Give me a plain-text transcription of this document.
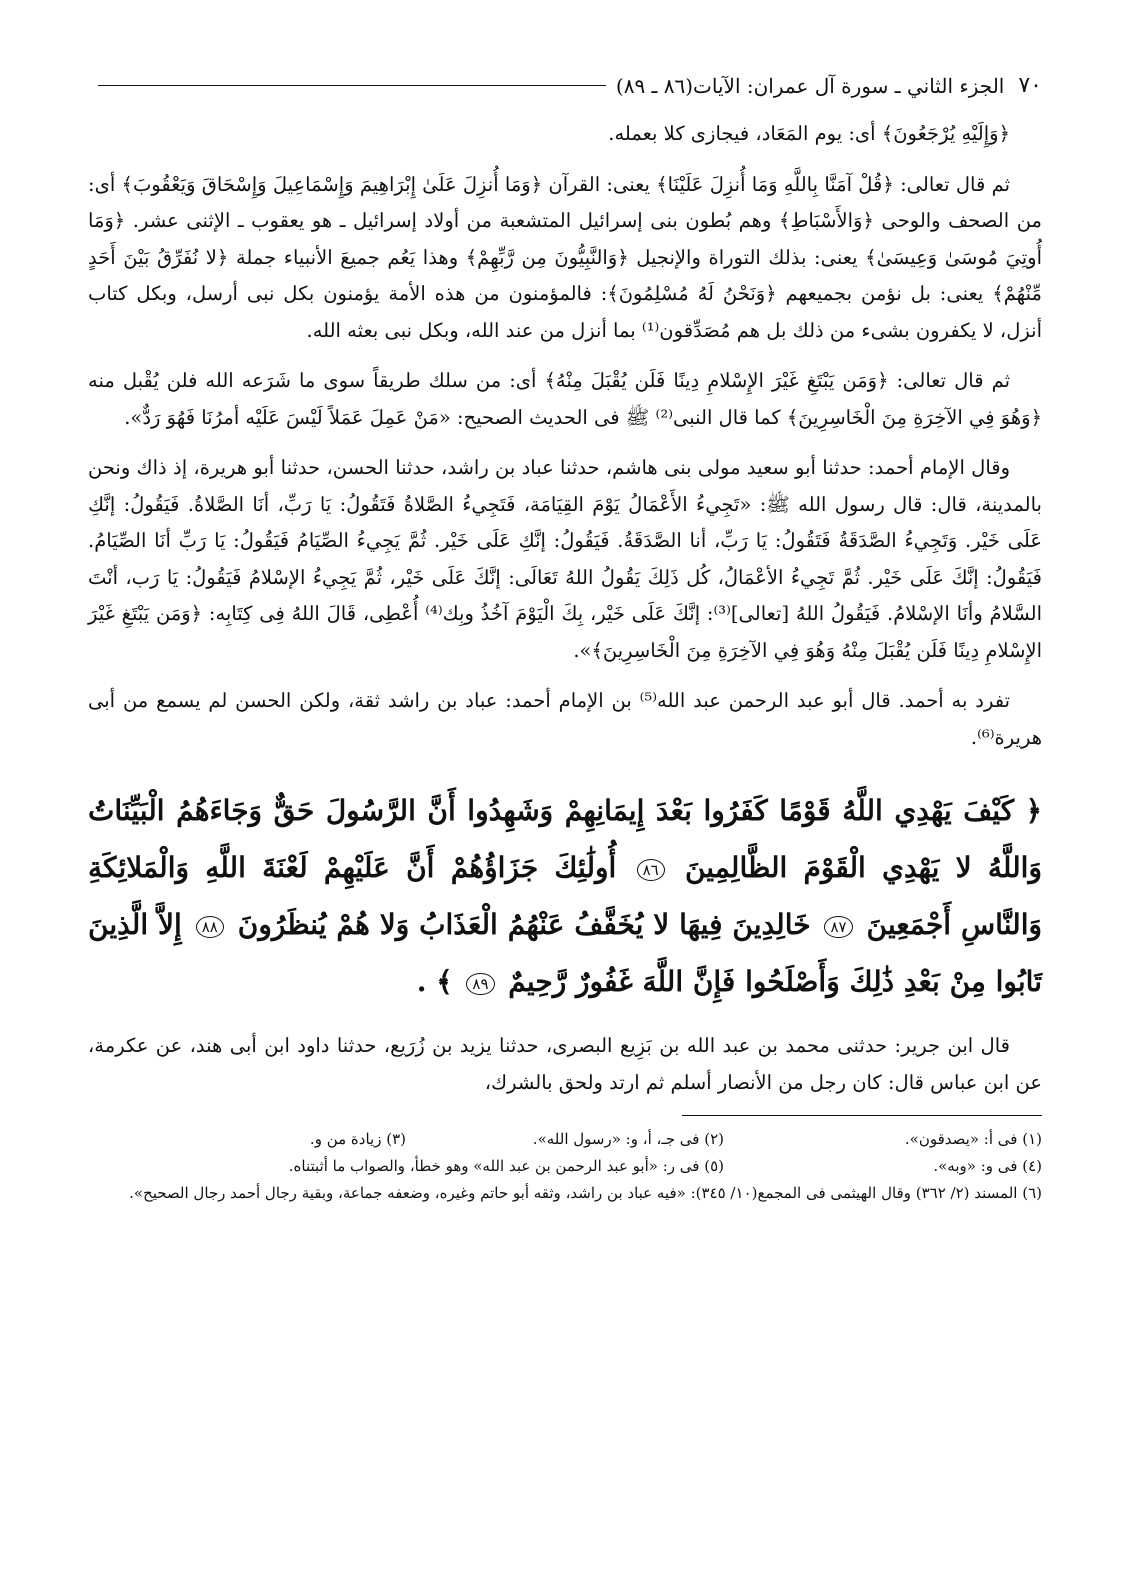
٧٠
الجزء الثاني ـ سورة آل عمران: الآيات(٨٦ ـ ٨٩)

﴿وَإِلَيْهِ يُرْجَعُونَ﴾ أى: يوم المَعَاد، فيجازى كلا بعمله.

ثم قال تعالى: ﴿قُلْ آمَنَّا بِاللَّهِ وَمَا أُنزِلَ عَلَيْنَا﴾ يعنى: القرآن ﴿وَمَا أُنزِلَ عَلَىٰ إِبْرَاهِيمَ وَإِسْمَاعِيلَ وَإِسْحَاقَ وَيَعْقُوبَ﴾ أى: من الصحف والوحى ﴿وَالأَسْبَاطِ﴾ وهم بُطون بنى إسرائيل المتشعبة من أولاد إسرائيل ـ هو يعقوب ـ الإثنى عشر. ﴿وَمَا أُوتِيَ مُوسَىٰ وَعِيسَىٰ﴾ يعنى: بذلك التوراة والإنجيل ﴿وَالنَّبِيُّونَ مِن رَّبِّهِمْ﴾ وهذا يَعُم جميعَ الأنبياء جملة ﴿لا نُفَرِّقُ بَيْنَ أَحَدٍ مِّنْهُمْ﴾ يعنى: بل نؤمن بجميعهم ﴿وَنَحْنُ لَهُ مُسْلِمُونَ﴾: فالمؤمنون من هذه الأمة يؤمنون بكل نبى أرسل، وبكل كتاب أنزل، لا يكفرون بشىء من ذلك بل هم مُصَدِّقون⁽¹⁾ بما أنزل من عند الله، وبكل نبى بعثه الله.

ثم قال تعالى: ﴿وَمَن يَبْتَغِ غَيْرَ الإِسْلامِ دِينًا فَلَن يُقْبَلَ مِنْهُ﴾ أى: من سلك طريقاً سوى ما شَرَعه الله فلن يُقْبل منه ﴿وَهُوَ فِي الآخِرَةِ مِنَ الْخَاسِرِينَ﴾ كما قال النبى⁽²⁾ ﷺ فى الحديث الصحيح: «مَنْ عَمِلَ عَمَلاً لَيْسَ عَلَيْه أمرُنَا فَهُوَ رَدٌّ».

وقال الإمام أحمد: حدثنا أبو سعيد مولى بنى هاشم، حدثنا عباد بن راشد، حدثنا الحسن، حدثنا أبو هريرة، إذ ذاك ونحن بالمدينة، قال: قال رسول الله ﷺ: «تَجِيءُ الأَعْمَالُ يَوْمَ القِيَامَة، فَتَجِيءُ الصَّلاةُ فَتَقُولُ: يَا رَبِّ، أنَا الصَّلاةُ. فَيَقُولُ: إنَّكِ عَلَى خَيْر. وَتَجِيءُ الصَّدَقَةُ فَتَقُولُ: يَا رَبِّ، أنا الصَّدَقَةُ. فَيَقُولُ: إنَّكِ عَلَى خَيْر. ثُمَّ يَجِيءُ الصِّيَامُ فَيَقُولُ: يَا رَبِّ أنَا الصِّيَامُ. فَيَقُولُ: إنَّكَ عَلَى خَيْر. ثُمَّ تَجِيءُ الأعْمَالُ، كُل ذَلِكَ يَقُولُ اللهُ تَعَالَى: إنَّكَ عَلَى خَيْر، ثُمَّ يَجِيءُ الإسْلامُ فَيَقُولُ: يَا رَب، أنْتَ السَّلامُ وأنَا الإسْلامُ. فَيَقُولُ اللهُ [تعالى]⁽³⁾: إنَّكَ عَلَى خَيْر، بِكَ الْيَوْمَ آخُذُ وبِك⁽⁴⁾ أُعْطِى، قَالَ اللهُ فِى كِتَابِه: ﴿وَمَن يَبْتَغِ غَيْرَ الإِسْلامِ دِينًا فَلَن يُقْبَلَ مِنْهُ وَهُوَ فِي الآخِرَةِ مِنَ الْخَاسِرِينَ﴾».

تفرد به أحمد. قال أبو عبد الرحمن عبد الله⁽⁵⁾ بن الإمام أحمد: عباد بن راشد ثقة، ولكن الحسن لم يسمع من أبى هريرة⁽⁶⁾.

﴿ كَيْفَ يَهْدِي اللَّهُ قَوْمًا كَفَرُوا بَعْدَ إِيمَانِهِمْ وَشَهِدُوا أَنَّ الرَّسُولَ حَقٌّ وَجَاءَهُمُ الْبَيِّنَاتُ وَاللَّهُ لا يَهْدِي الْقَوْمَ الظَّالِمِينَ ٨٦ أُولَٰئِكَ جَزَاؤُهُمْ أَنَّ عَلَيْهِمْ لَعْنَةَ اللَّهِ وَالْمَلائِكَةِ وَالنَّاسِ أَجْمَعِينَ ٨٧ خَالِدِينَ فِيهَا لا يُخَفَّفُ عَنْهُمُ الْعَذَابُ وَلا هُمْ يُنظَرُونَ ٨٨ إِلاَّ الَّذِينَ تَابُوا مِنْ بَعْدِ ذَٰلِكَ وَأَصْلَحُوا فَإِنَّ اللَّهَ غَفُورٌ رَّحِيمٌ ٨٩ ﴾ .

قال ابن جرير: حدثنى محمد بن عبد الله بن بَزِيع البصرى، حدثنا يزيد بن زُرَيع، حدثنا داود ابن أبى هند، عن عكرمة، عن ابن عباس قال: كان رجل من الأنصار أسلم ثم ارتد ولحق بالشرك،

(١) فى أ: «يصدقون».
(٢) فى جـ، أ، و: «رسول الله».
(٣) زيادة من و.
(٤) فى و: «وبه».
(٥) فى ر: «أبو عبد الرحمن بن عبد الله» وهو خطأ، والصواب ما أثبتناه.
(٦) المسند (٢/ ٣٦٢) وقال الهيثمى فى المجمع(١٠/ ٣٤٥): «فيه عباد بن راشد، وثقه أبو حاتم وغيره، وضعفه جماعة، وبقية رجال أحمد رجال الصحيح».
